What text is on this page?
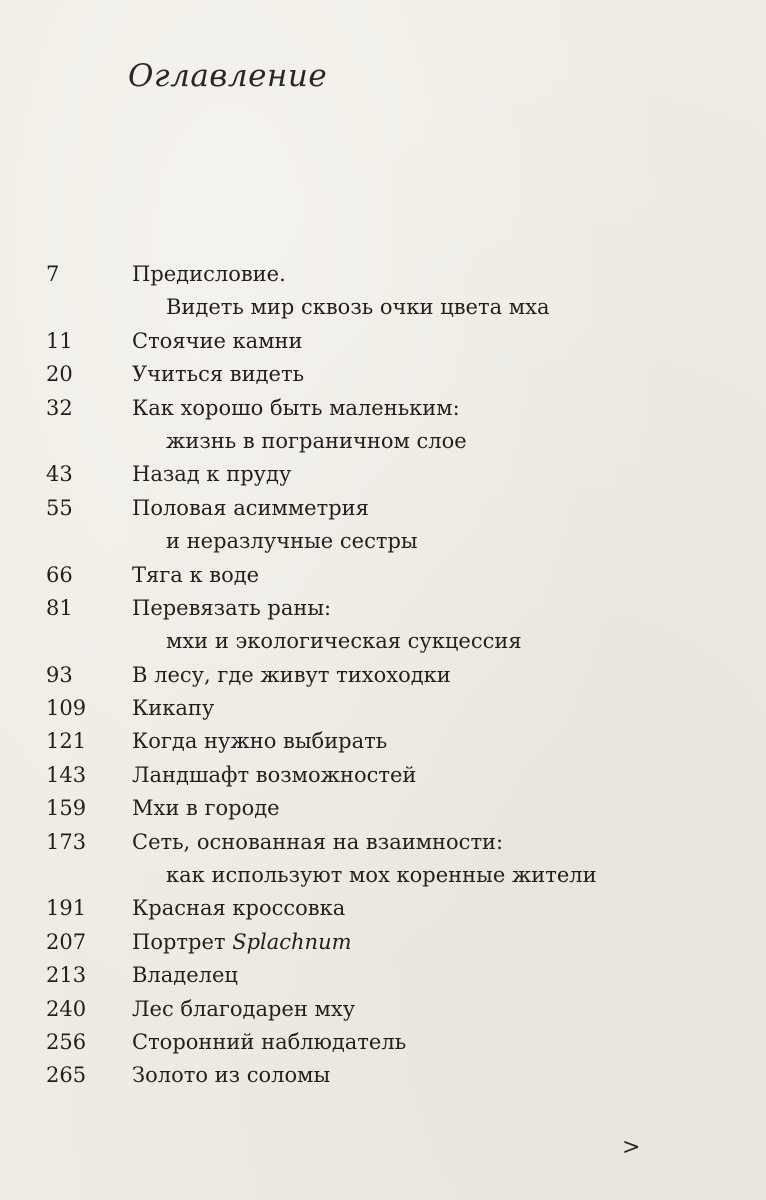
Оглавление
7	Предисловие.
Видеть мир сквозь очки цвета мха
11	Стоячие камни
20	Учиться видеть
32	Как хорошо быть маленьким:
жизнь в пограничном слое
43	Назад к пруду
55	Половая асимметрия
и неразлучные сестры
66	Тяга к воде
81	Перевязать раны:
мхи и экологическая сукцессия
93	В лесу, где живут тихоходки
109 Кикапу
121 Когда нужно выбирать
143 Ландшафт возможностей
159 Мхи в городе
173 Сеть, основанная на взаимности:
как используют мох коренные жители
191 Красная кроссовка
207 Портрет Splachnum
213 Владелец
240 Лес благодарен мху
256 Сторонний наблюдатель
265 Золото из соломы
>
